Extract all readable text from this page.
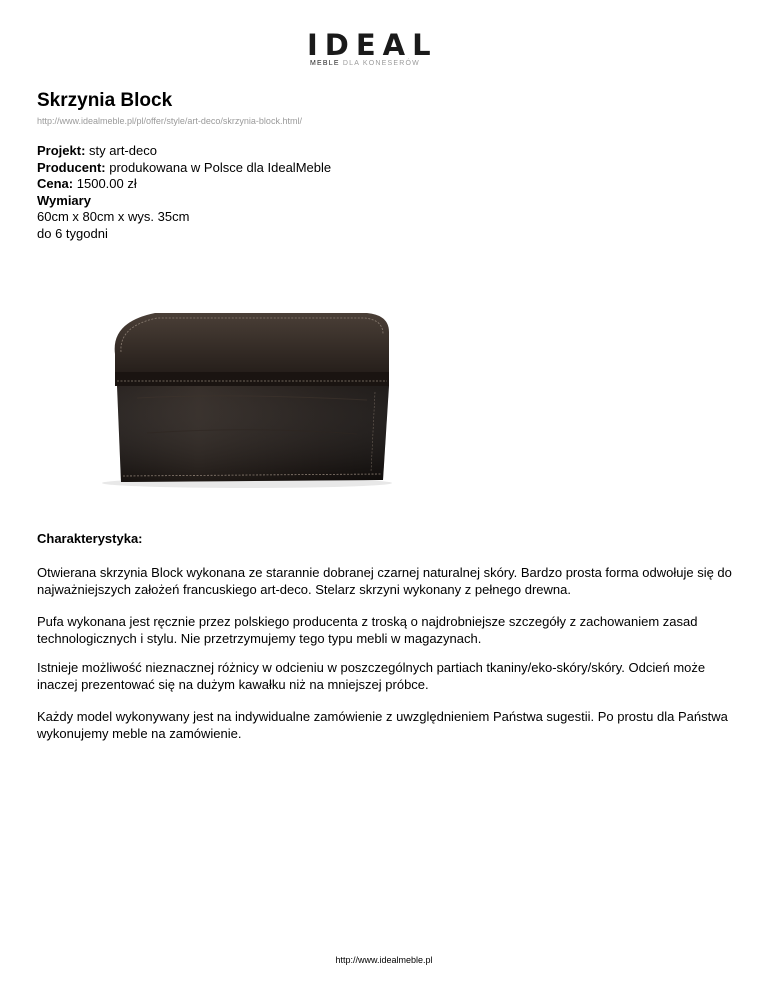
IDEAL
MEBLE DLA KONESERÓW
Skrzynia Block
http://www.idealmeble.pl/pl/offer/style/art-deco/skrzynia-block.html/
Projekt: sty art-deco
Producent: produkowana w Polsce dla IdealMeble
Cena: 1500.00 zł
Wymiary
60cm x 80cm x wys. 35cm
do 6 tygodni
Charakterystyka:

Otwierana skrzynia Block wykonana ze starannie dobranej czarnej naturalnej skóry. Bardzo prosta forma odwołuje się do najważniejszych założeń francuskiego art-deco. Stelarz skrzyni wykonany z pełnego drewna.

Pufa wykonana jest ręcznie przez polskiego producenta z troską o najdrobniejsze szczegóły z zachowaniem zasad technologicznych i stylu. Nie przetrzymujemy tego typu mebli w magazynach.

Istnieje możliwość nieznacznej różnicy w odcieniu w poszczególnych partiach tkaniny/eko-skóry/skóry. Odcień może inaczej prezentować się na dużym kawałku niż na mniejszej próbce.

Każdy model wykonywany jest na indywidualne zamówienie z uwzględnieniem Państwa sugestii. Po prostu dla Państwa wykonujemy meble na zamówienie.

http://www.idealmeble.pl
